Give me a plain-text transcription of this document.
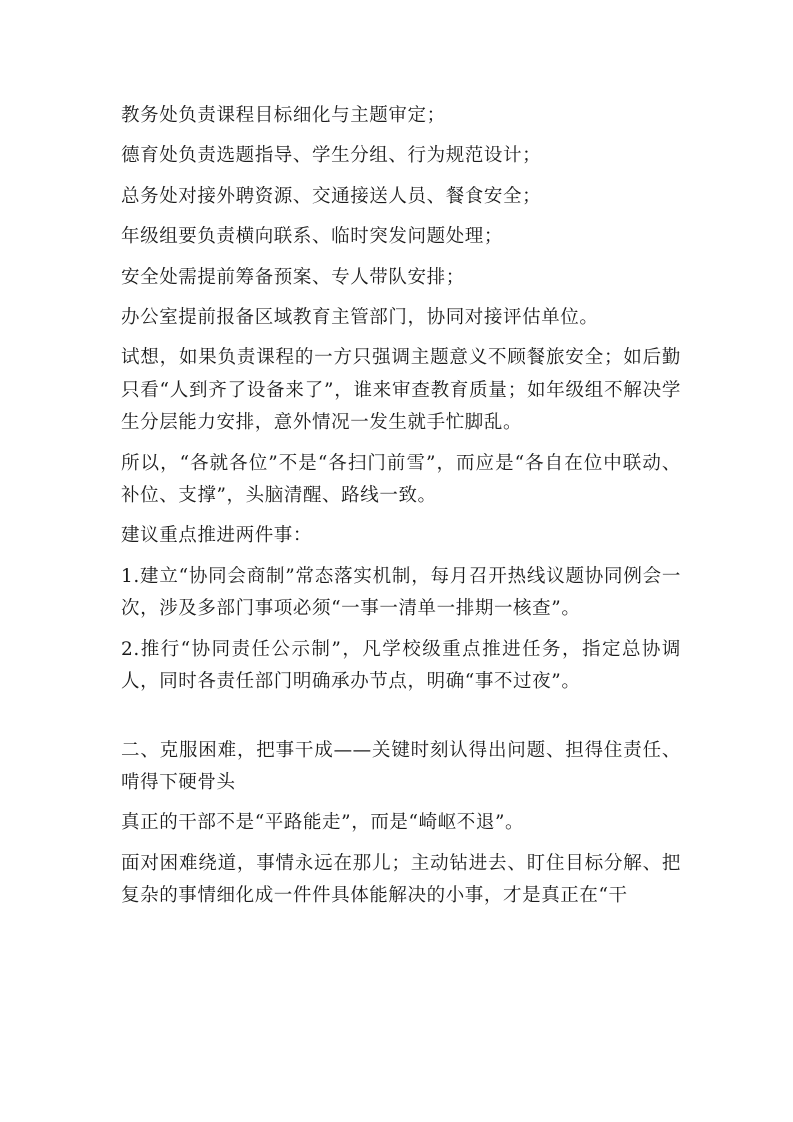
教务处负责课程目标细化与主题审定；

德育处负责选题指导、学生分组、行为规范设计；

总务处对接外聘资源、交通接送人员、餐食安全；

年级组要负责横向联系、临时突发问题处理；

安全处需提前筹备预案、专人带队安排；

办公室提前报备区域教育主管部门，协同对接评估单位。

试想，如果负责课程的一方只强调主题意义不顾餐旅安全；如后勤只看“人到齐了设备来了”，谁来审查教育质量；如年级组不解决学生分层能力安排，意外情况一发生就手忙脚乱。

所以，“各就各位”不是“各扫门前雪”，而应是“各自在位中联动、补位、支撑”，头脑清醒、路线一致。

建议重点推进两件事：

1.建立“协同会商制”常态落实机制，每月召开热线议题协同例会一次，涉及多部门事项必须“一事一清单一排期一核查”。

2.推行“协同责任公示制”，凡学校级重点推进任务，指定总协调人，同时各责任部门明确承办节点，明确“事不过夜”。

二、克服困难，把事干成——关键时刻认得出问题、担得住责任、啃得下硬骨头

真正的干部不是“平路能走”，而是“崎岖不退”。

面对困难绕道，事情永远在那儿；主动钻进去、盯住目标分解、把复杂的事情细化成一件件具体能解决的小事，才是真正在“干
